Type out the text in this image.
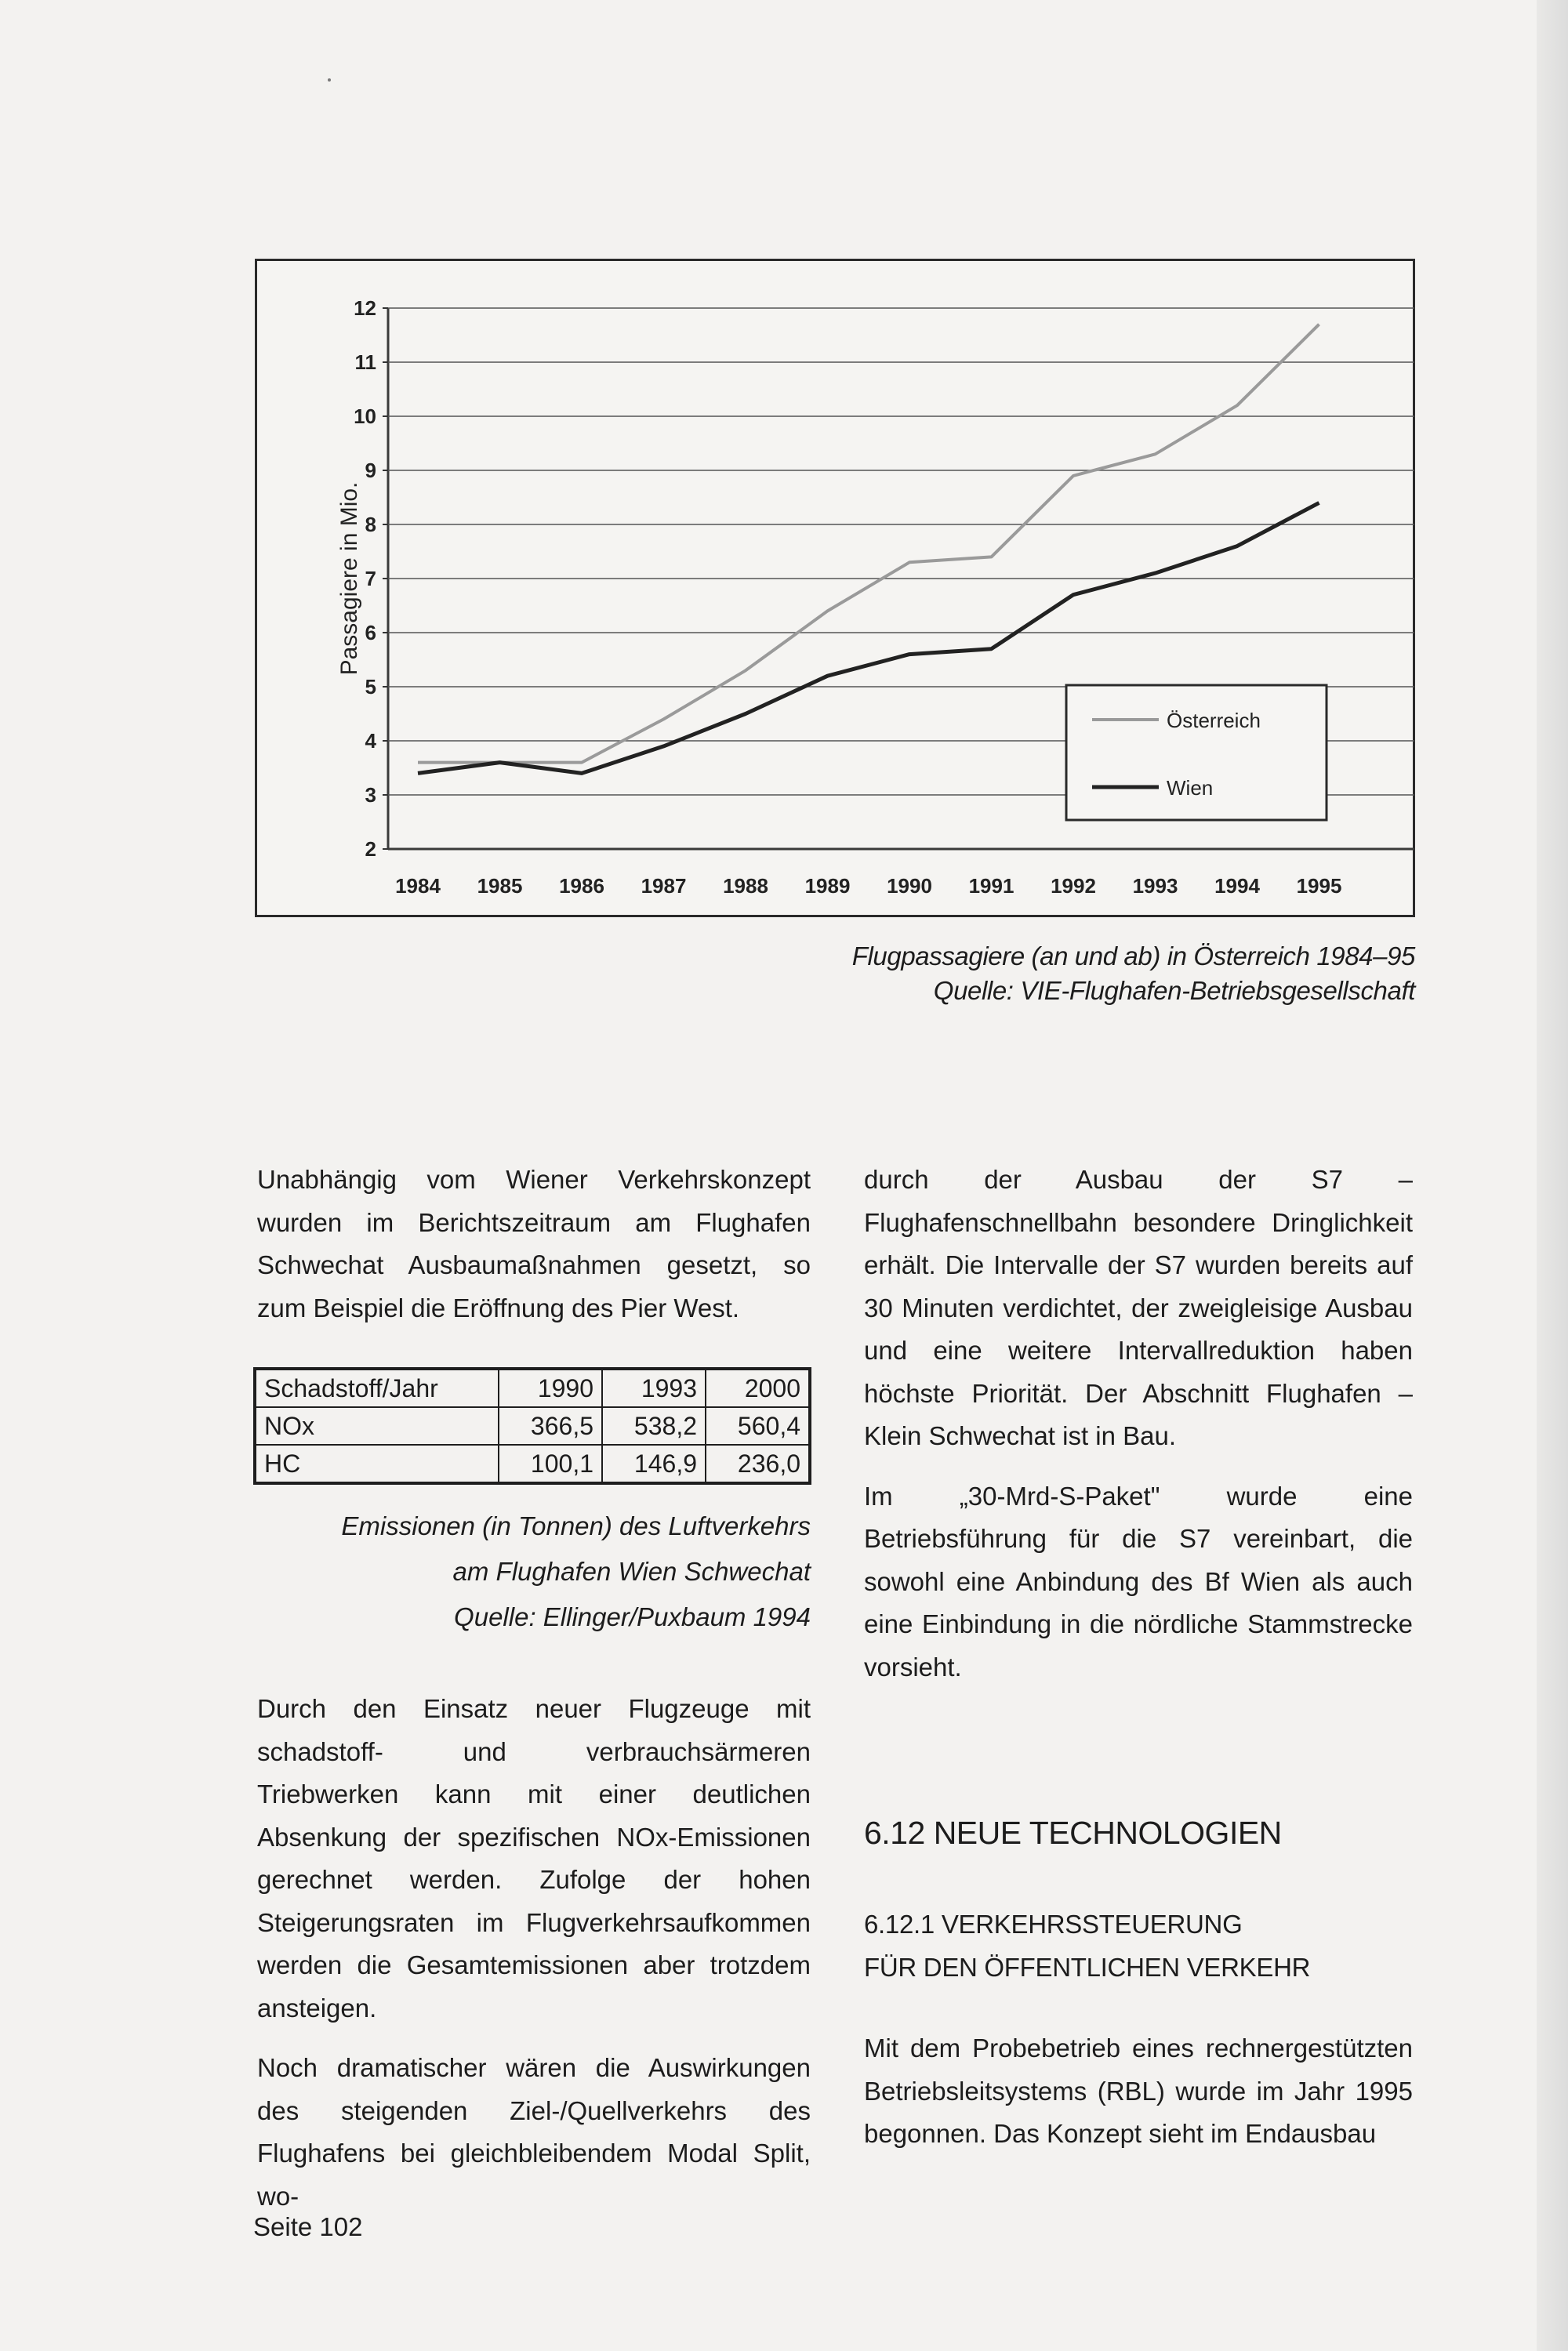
Passagiere in Mio.
2
3
4
5
6
7
8
9
10
11
12
1984 1985 1986 1987 1988 1989 1990 1991 1992 1993 1994 1995
Österreich
Wien
Flugpassagiere (an und ab) in Österreich 1984–95
Quelle: VIE-Flughafen-Betriebsgesellschaft

Unabhängig vom Wiener Verkehrskonzept wurden im Berichtszeitraum am Flughafen Schwechat Ausbaumaßnahmen gesetzt, so zum Beispiel die Eröffnung des Pier West.

Schadstoff/Jahr	1990	1993	2000
NOx	366,5	538,2	560,4
HC	100,1	146,9	236,0
Emissionen (in Tonnen) des Luftverkehrs
am Flughafen Wien Schwechat
Quelle: Ellinger/Puxbaum 1994

Durch den Einsatz neuer Flugzeuge mit schadstoff- und verbrauchsärmeren Triebwerken kann mit einer deutlichen Absenkung der spezifischen NOx-Emissionen gerechnet werden. Zufolge der hohen Steigerungsraten im Flugverkehrsaufkommen werden die Gesamtemissionen aber trotzdem ansteigen.

Noch dramatischer wären die Auswirkungen des steigenden Ziel-/Quellverkehrs des Flughafens bei gleichbleibendem Modal Split, wo-

durch der Ausbau der S7 – Flughafenschnellbahn besondere Dringlichkeit erhält. Die Intervalle der S7 wurden bereits auf 30 Minuten verdichtet, der zweigleisige Ausbau und eine weitere Intervallreduktion haben höchste Priorität. Der Abschnitt Flughafen – Klein Schwechat ist in Bau.

Im „30-Mrd-S-Paket" wurde eine Betriebsführung für die S7 vereinbart, die sowohl eine Anbindung des Bf Wien als auch eine Einbindung in die nördliche Stammstrecke vorsieht.

6.12 NEUE TECHNOLOGIEN
6.12.1 VERKEHRSSTEUERUNG
FÜR DEN ÖFFENTLICHEN VERKEHR

Mit dem Probebetrieb eines rechnergestützten Betriebsleitsystems (RBL) wurde im Jahr 1995 begonnen. Das Konzept sieht im Endausbau

Seite 102
